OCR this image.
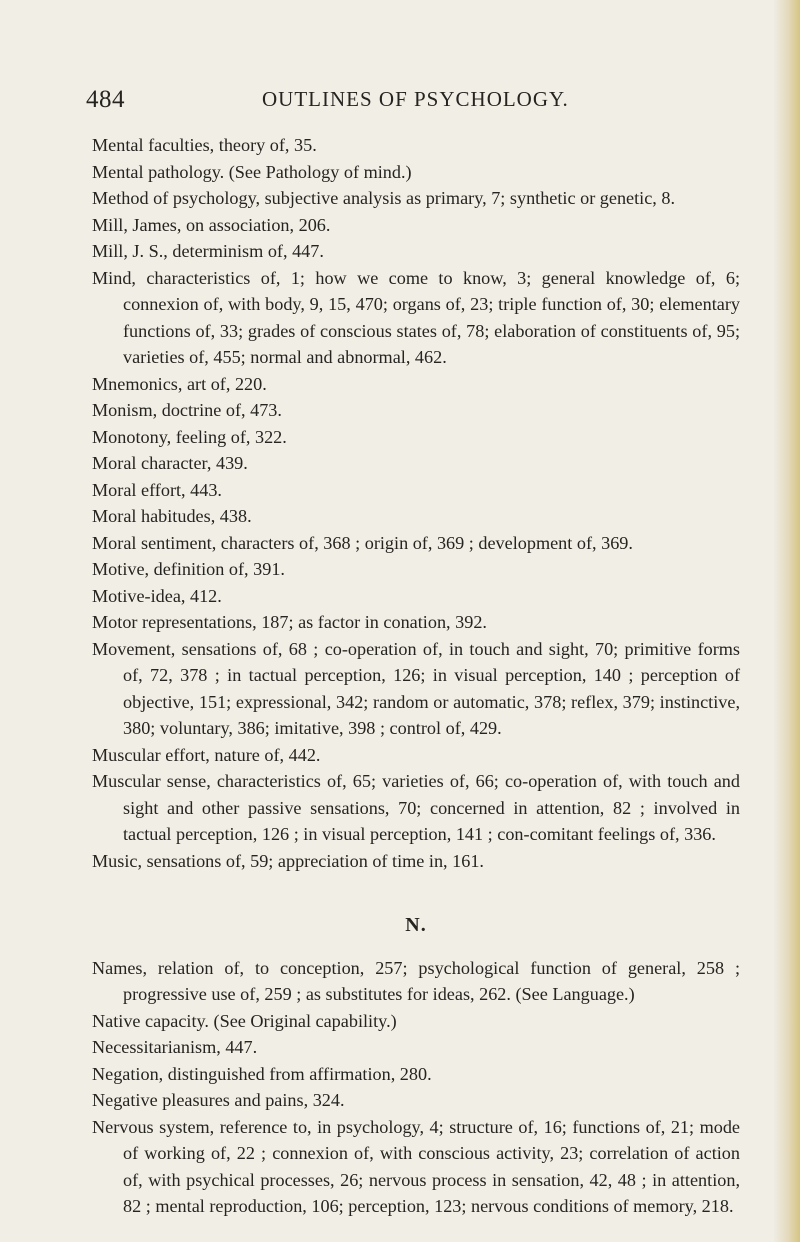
484	OUTLINES OF PSYCHOLOGY.

Mental faculties, theory of, 35.

Mental pathology. (See Pathology of mind.)

Method of psychology, subjective analysis as primary, 7; synthetic or genetic, 8.

Mill, James, on association, 206.

Mill, J. S., determinism of, 447.

Mind, characteristics of, 1; how we come to know, 3; general knowledge of, 6; connexion of, with body, 9, 15, 470; organs of, 23; triple function of, 30; elementary functions of, 33; grades of conscious states of, 78; elaboration of constituents of, 95; varieties of, 455; normal and abnormal, 462.

Mnemonics, art of, 220.

Monism, doctrine of, 473.

Monotony, feeling of, 322.

Moral character, 439.

Moral effort, 443.

Moral habitudes, 438.

Moral sentiment, characters of, 368 ; origin of, 369 ; development of, 369.

Motive, definition of, 391.

Motive-idea, 412.

Motor representations, 187; as factor in conation, 392.

Movement, sensations of, 68 ; co-operation of, in touch and sight, 70; primitive forms of, 72, 378 ; in tactual perception, 126; in visual perception, 140 ; perception of objective, 151; expressional, 342; random or automatic, 378; reflex, 379; instinctive, 380; voluntary, 386; imitative, 398 ; control of, 429.

Muscular effort, nature of, 442.

Muscular sense, characteristics of, 65; varieties of, 66; co-operation of, with touch and sight and other passive sensations, 70; concerned in attention, 82 ; involved in tactual perception, 126 ; in visual perception, 141 ; con-comitant feelings of, 336.

Music, sensations of, 59; appreciation of time in, 161.

N.

Names, relation of, to conception, 257; psychological function of general, 258 ; progressive use of, 259 ; as substitutes for ideas, 262. (See Language.)

Native capacity. (See Original capability.)

Necessitarianism, 447.

Negation, distinguished from affirmation, 280.

Negative pleasures and pains, 324.

Nervous system, reference to, in psychology, 4; structure of, 16; functions of, 21; mode of working of, 22 ; connexion of, with conscious activity, 23; correlation of action of, with psychical processes, 26; nervous process in sensation, 42, 48 ; in attention, 82 ; mental reproduction, 106; perception, 123; nervous conditions of memory, 218.
